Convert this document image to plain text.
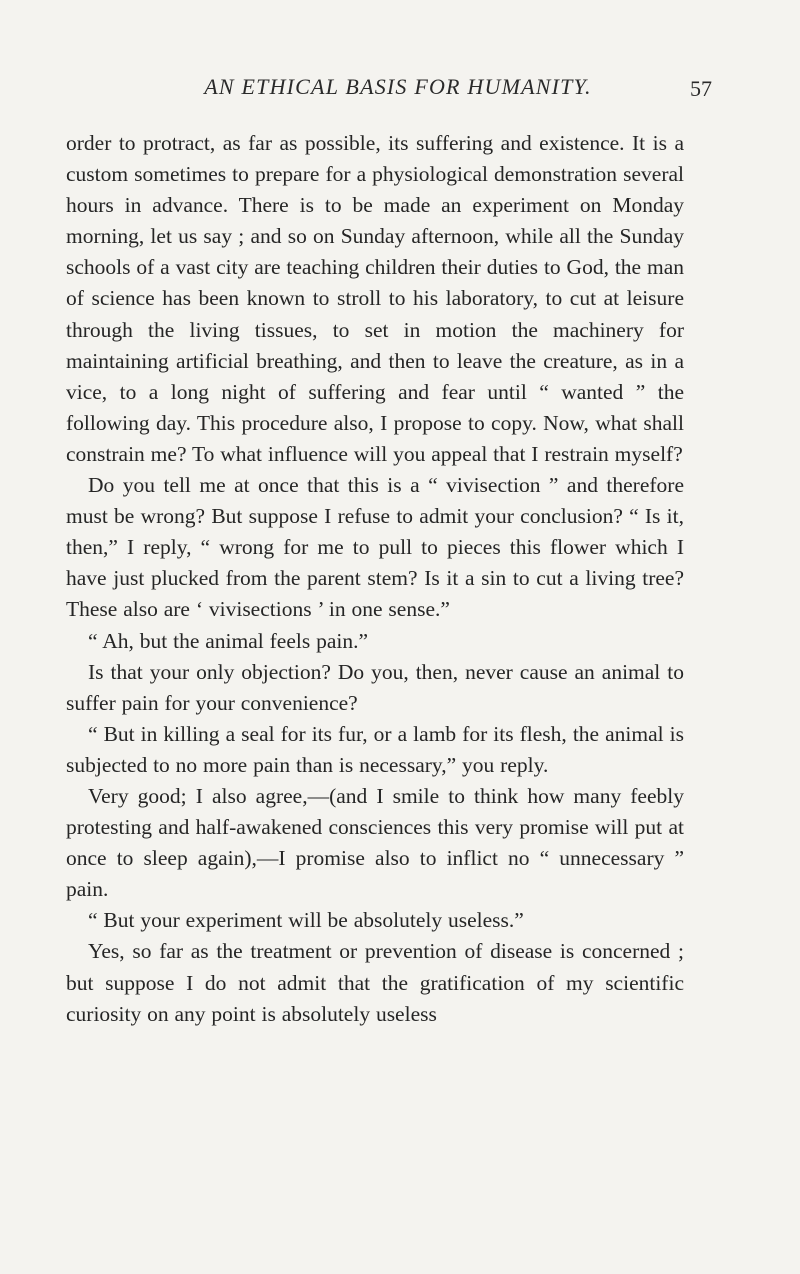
AN ETHICAL BASIS FOR HUMANITY.	57

order to protract, as far as possible, its suffering and existence. It is a custom sometimes to prepare for a physiological demonstration several hours in advance. There is to be made an experiment on Monday morning, let us say ; and so on Sunday afternoon, while all the Sunday schools of a vast city are teaching children their duties to God, the man of science has been known to stroll to his laboratory, to cut at leisure through the living tissues, to set in motion the machinery for maintaining artificial breathing, and then to leave the creature, as in a vice, to a long night of suffering and fear until “ wanted ” the following day. This procedure also, I propose to copy. Now, what shall constrain me? To what influence will you appeal that I restrain myself?

Do you tell me at once that this is a “ vivisection ” and therefore must be wrong? But suppose I refuse to admit your conclusion? “ Is it, then,” I reply, “ wrong for me to pull to pieces this flower which I have just plucked from the parent stem? Is it a sin to cut a living tree? These also are ‘ vivisections ’ in one sense.”

“ Ah, but the animal feels pain.”

Is that your only objection? Do you, then, never cause an animal to suffer pain for your convenience?

“ But in killing a seal for its fur, or a lamb for its flesh, the animal is subjected to no more pain than is necessary,” you reply.

Very good; I also agree,—(and I smile to think how many feebly protesting and half-awakened consciences this very promise will put at once to sleep again),—I promise also to inflict no “ unnecessary ” pain.

“ But your experiment will be absolutely useless.”

Yes, so far as the treatment or prevention of disease is concerned ; but suppose I do not admit that the gratification of my scientific curiosity on any point is absolutely useless
